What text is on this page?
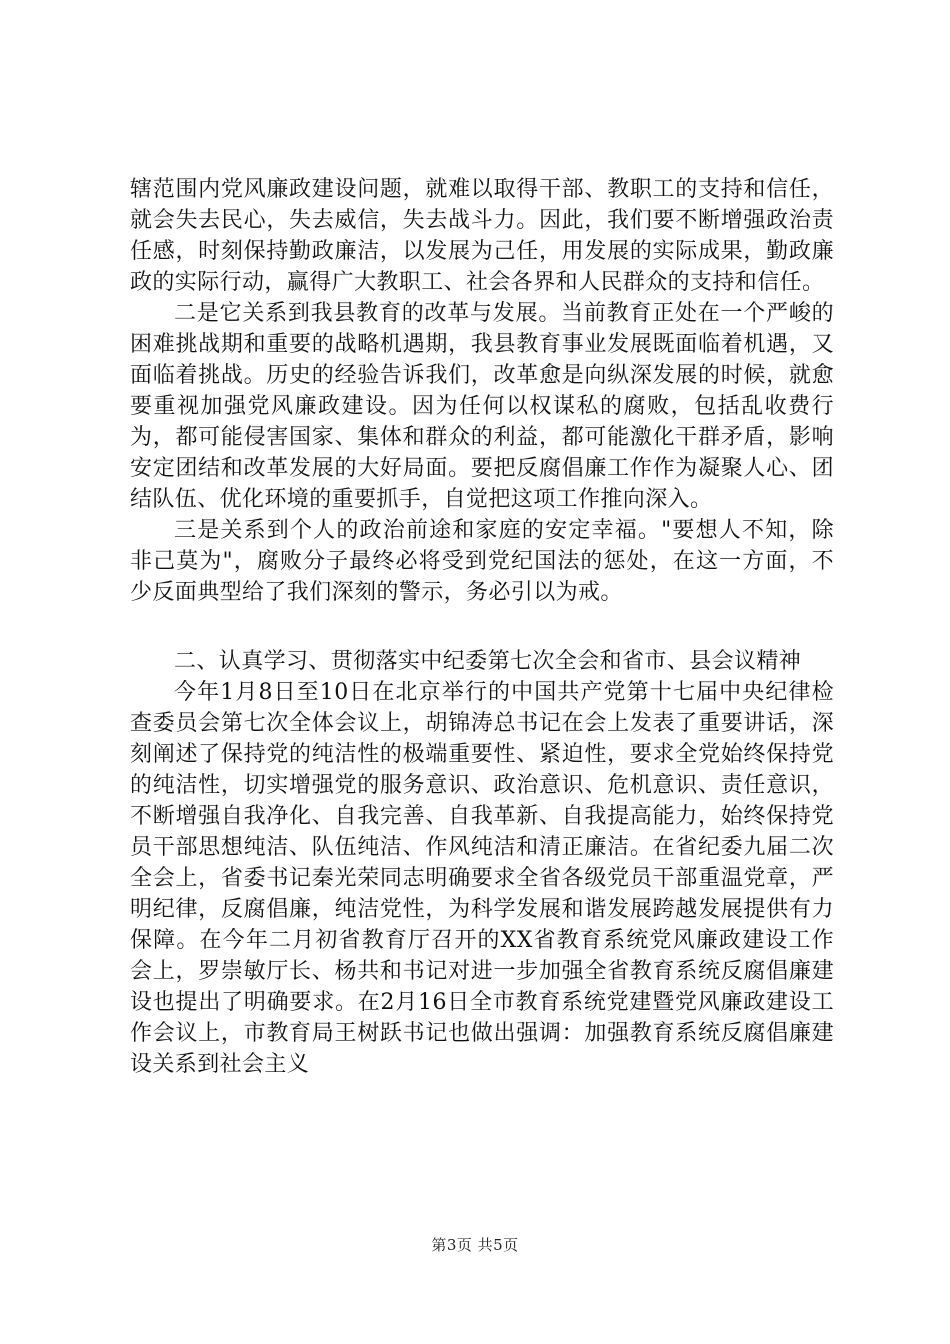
辖范围内党风廉政建设问题，就难以取得干部、教职工的支持和信任，就会失去民心，失去威信，失去战斗力。因此，我们要不断增强政治责任感，时刻保持勤政廉洁，以发展为己任，用发展的实际成果，勤政廉政的实际行动，赢得广大教职工、社会各界和人民群众的支持和信任。

二是它关系到我县教育的改革与发展。当前教育正处在一个严峻的困难挑战期和重要的战略机遇期，我县教育事业发展既面临着机遇，又面临着挑战。历史的经验告诉我们，改革愈是向纵深发展的时候，就愈要重视加强党风廉政建设。因为任何以权谋私的腐败，包括乱收费行为，都可能侵害国家、集体和群众的利益，都可能激化干群矛盾，影响安定团结和改革发展的大好局面。要把反腐倡廉工作作为凝聚人心、团结队伍、优化环境的重要抓手，自觉把这项工作推向深入。

三是关系到个人的政治前途和家庭的安定幸福。"要想人不知，除非己莫为"，腐败分子最终必将受到党纪国法的惩处，在这一方面，不少反面典型给了我们深刻的警示，务必引以为戒。

二、认真学习、贯彻落实中纪委第七次全会和省市、县会议精神

今年1月8日至10日在北京举行的中国共产党第十七届中央纪律检查委员会第七次全体会议上，胡锦涛总书记在会上发表了重要讲话，深刻阐述了保持党的纯洁性的极端重要性、紧迫性，要求全党始终保持党的纯洁性，切实增强党的服务意识、政治意识、危机意识、责任意识，不断增强自我净化、自我完善、自我革新、自我提高能力，始终保持党员干部思想纯洁、队伍纯洁、作风纯洁和清正廉洁。在省纪委九届二次全会上，省委书记秦光荣同志明确要求全省各级党员干部重温党章，严明纪律，反腐倡廉，纯洁党性，为科学发展和谐发展跨越发展提供有力保障。在今年二月初省教育厅召开的XX省教育系统党风廉政建设工作会上，罗崇敏厅长、杨共和书记对进一步加强全省教育系统反腐倡廉建设也提出了明确要求。在2月16日全市教育系统党建暨党风廉政建设工作会议上，市教育局王树跃书记也做出强调：加强教育系统反腐倡廉建设关系到社会主义

第3页 共5页
